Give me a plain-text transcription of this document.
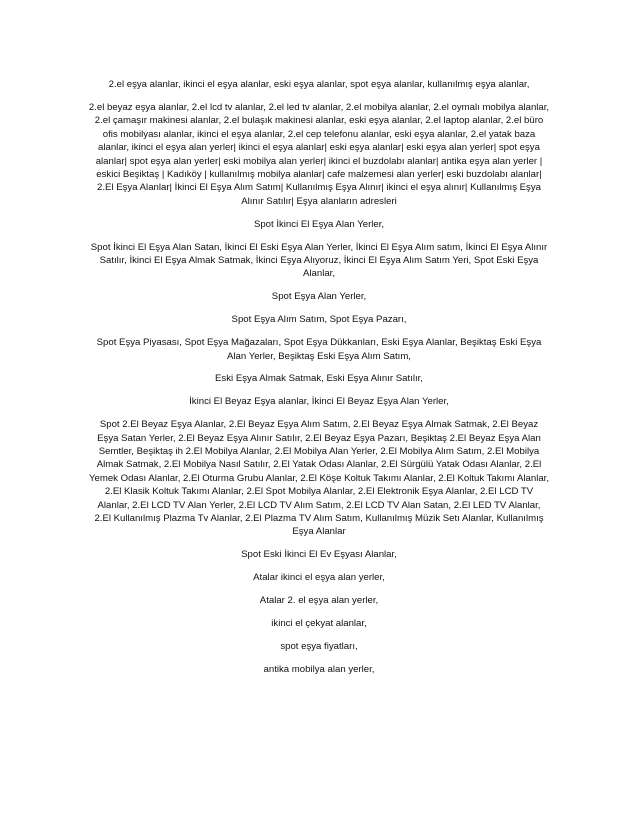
2.el eşya alanlar, ikinci el eşya alanlar, eski eşya alanlar, spot eşya alanlar, kullanılmış eşya alanlar,

2.el beyaz eşya alanlar, 2.el lcd tv alanlar, 2.el led tv alanlar, 2.el mobilya alanlar, 2.el oymalı mobilya alanlar, 2.el çamaşır makinesi alanlar, 2.el bulaşık makinesi alanlar, eski eşya alanlar, 2.el laptop alanlar, 2.el büro ofis mobilyası alanlar, ikinci el eşya alanlar, 2.el cep telefonu alanlar, eski eşya alanlar, 2.el yatak baza alanlar, ikinci el eşya alan yerler| ikinci el eşya alanlar| eski eşya alanlar| eski eşya alan yerler| spot eşya alanlar| spot eşya alan yerler| eski mobilya alan yerler| ikinci el buzdolabı alanlar| antika eşya alan yerler | eskici Beşiktaş | Kadıköy | kullanılmış mobilya alanlar| cafe malzemesi alan yerler| eski buzdolabı alanlar| 2.El Eşya Alanlar| İkinci El Eşya Alım Satım| Kullanılmış Eşya Alınır| ikinci el eşya alınır| Kullanılmış Eşya Alınır Satılır| Eşya alanların adresleri

Spot İkinci El Eşya Alan Yerler,

Spot İkinci El Eşya Alan Satan, İkinci El Eski Eşya Alan Yerler, İkinci El Eşya Alım satım, İkinci El Eşya Alınır Satılır, İkinci El Eşya Almak Satmak, İkinci Eşya Alıyoruz, İkinci El Eşya Alım Satım Yeri, Spot Eski Eşya Alanlar,

Spot Eşya Alan Yerler,

Spot Eşya Alım Satım, Spot Eşya Pazarı,

Spot Eşya Piyasası, Spot Eşya Mağazaları, Spot Eşya Dükkanları, Eski Eşya Alanlar, Beşiktaş Eski Eşya Alan Yerler, Beşiktaş Eski Eşya Alım Satım,

Eski Eşya Almak Satmak, Eski Eşya Alınır Satılır,

İkinci El Beyaz Eşya alanlar, İkinci El Beyaz Eşya Alan Yerler,

Spot 2.El Beyaz Eşya Alanlar, 2.El Beyaz Eşya Alım Satım, 2.El Beyaz Eşya Almak Satmak, 2.El Beyaz Eşya Satan Yerler, 2.El Beyaz Eşya Alınır Satılır, 2.El Beyaz Eşya Pazarı, Beşiktaş 2.El Beyaz Eşya Alan Semtler, Beşiktaş ih 2.El Mobilya Alanlar, 2.El Mobilya Alan Yerler, 2.El Mobilya Alım Satım, 2.El Mobilya Almak Satmak, 2.El Mobilya Nasıl Satılır, 2.El Yatak Odası Alanlar, 2.El Sürgülü Yatak Odası Alanlar, 2.El Yemek Odası Alanlar, 2.El Oturma Grubu Alanlar, 2.El Köşe Koltuk Takımı Alanlar, 2.El Koltuk Takımı Alanlar, 2.El Klasik Koltuk Takımı Alanlar, 2.El Spot Mobilya Alanlar, 2.El Elektronik Eşya Alanlar, 2.El LCD TV Alanlar, 2.El LCD TV Alan Yerler, 2.El LCD TV Alım Satım, 2.El LCD TV Alan Satan, 2.El LED TV Alanlar, 2.El Kullanılmış Plazma Tv Alanlar, 2.El Plazma TV Alım Satım, Kullanılmış Müzik Setı Alanlar, Kullanılmış Eşya Alanlar

Spot Eski İkinci El Ev Eşyası Alanlar,

Atalar ikinci el eşya alan yerler,

Atalar 2. el eşya alan yerler,

ikinci el çekyat alanlar,

spot eşya fiyatları,

antika mobilya alan yerler,
